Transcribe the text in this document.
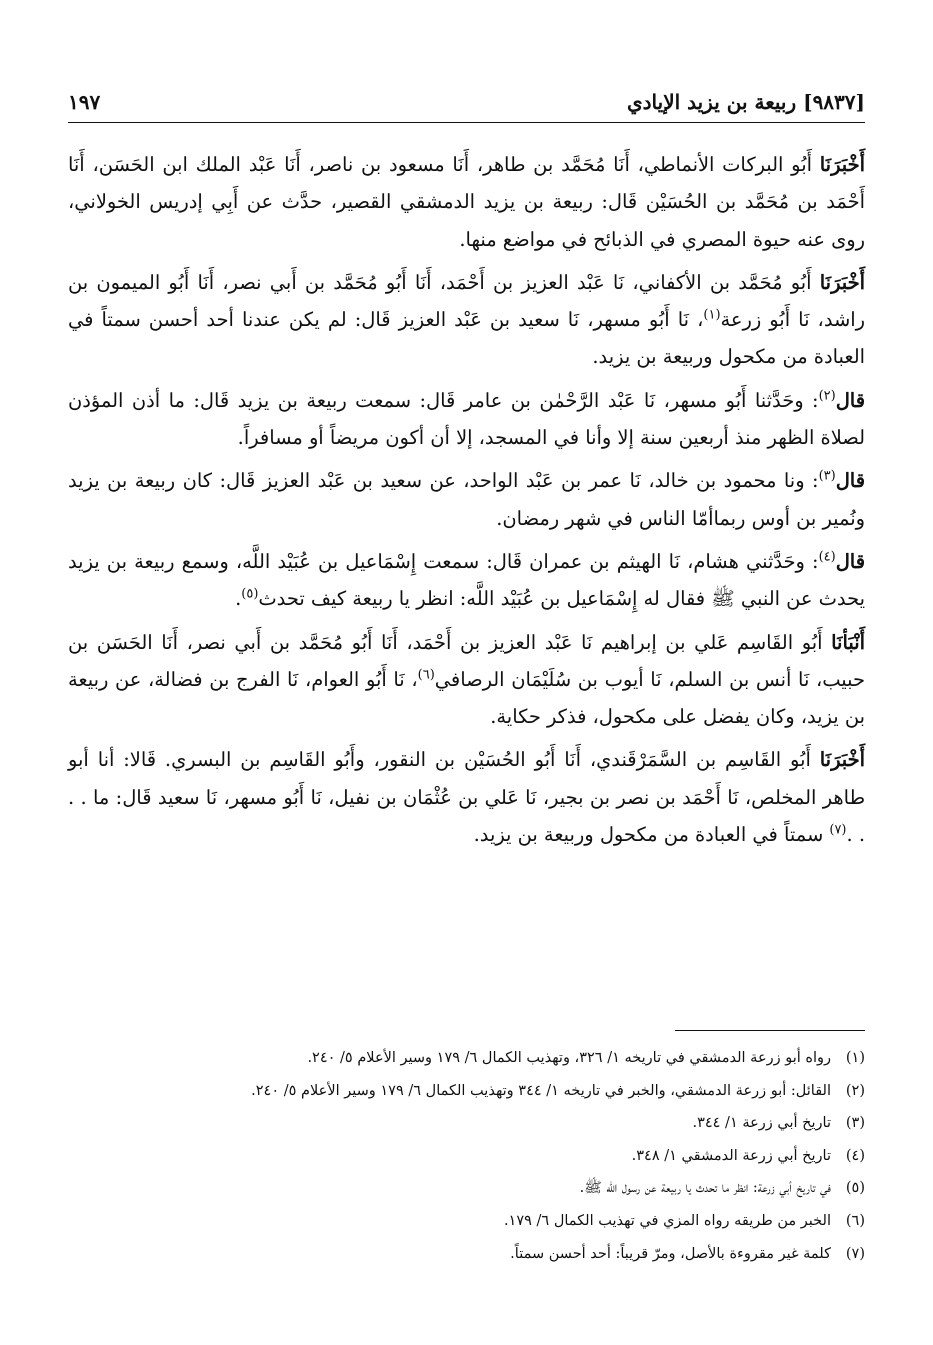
[٩٨٣٧] ربيعة بن يزيد الإيادي
١٩٧

أَخْبَرَنَا أَبُو البركات الأنماطي، أَنَا مُحَمَّد بن طاهر، أَنَا مسعود بن ناصر، أَنَا عَبْد الملك ابن الحَسَن، أَنَا أَحْمَد بن مُحَمَّد بن الحُسَيْن قَال: ربيعة بن يزيد الدمشقي القصير، حدَّث عن أَبِي إدريس الخولاني، روى عنه حيوة المصري في الذبائح في مواضع منها.

أَخْبَرَنَا أَبُو مُحَمَّد بن الأكفاني، نَا عَبْد العزيز بن أَحْمَد، أَنَا أَبُو مُحَمَّد بن أَبي نصر، أَنَا أَبُو الميمون بن راشد، نَا أَبُو زرعة$^{(١)}$، نَا أَبُو مسهر، نَا سعيد بن عَبْد العزيز قَال: لم يكن عندنا أحد أحسن سمتاً في العبادة من مكحول وربيعة بن يزيد.

قال$^{(٢)}$: وحَدَّثنا أَبُو مسهر، نَا عَبْد الرَّحْمٰن بن عامر قَال: سمعت ربيعة بن يزيد قَال: ما أذن المؤذن لصلاة الظهر منذ أربعين سنة إلا وأنا في المسجد، إلا أن أكون مريضاً أو مسافراً.

قال$^{(٣)}$: ونا محمود بن خالد، نَا عمر بن عَبْد الواحد، عن سعيد بن عَبْد العزيز قَال: كان ربيعة بن يزيد ونُمير بن أوس ربماأمّا الناس في شهر رمضان.

قال$^{(٤)}$: وحَدَّثني هشام، نَا الهيثم بن عمران قَال: سمعت إِسْمَاعيل بن عُبَيْد اللَّه، وسمع ربيعة بن يزيد يحدث عن النبي ﷺ فقال له إِسْمَاعيل بن عُبَيْد اللَّه: انظر يا ربيعة كيف تحدث$^{(٥)}$.

أَنْبَأنَا أَبُو القَاسِم عَلي بن إبراهيم نَا عَبْد العزيز بن أَحْمَد، أَنَا أَبُو مُحَمَّد بن أَبي نصر، أَنَا الحَسَن بن حبيب، نَا أنس بن السلم، نَا أيوب بن سُلَيْمَان الرصافي$^{(٦)}$، نَا أَبُو العوام، نَا الفرج بن فضالة، عن ربيعة بن يزيد، وكان يفضل على مكحول، فذكر حكاية.

أَخْبَرَنَا أَبُو القَاسِم بن السَّمَرْقَندي، أَنَا أَبُو الحُسَيْن بن النقور، وأَبُو القَاسِم بن البسري. قَالا: أنا أبو طاهر المخلص، نَا أَحْمَد بن نصر بن بجير، نَا عَلي بن عُثْمَان بن نفيل، نَا أَبُو مسهر، نَا سعيد قَال: ما . . . .$^{(٧)}$ سمتاً في العبادة من مكحول وربيعة بن يزيد.

(١)رواه أبو زرعة الدمشقي في تاريخه ١/ ٣٢٦، وتهذيب الكمال ٦/ ١٧٩ وسير الأعلام ٥/ ٢٤٠.
(٢)القائل: أبو زرعة الدمشقي، والخبر في تاريخه ١/ ٣٤٤ وتهذيب الكمال ٦/ ١٧٩ وسير الأعلام ٥/ ٢٤٠.
(٣)تاريخ أبي زرعة ١/ ٣٤٤.
(٤)تاريخ أبي زرعة الدمشقي ١/ ٣٤٨.
(٥)في تاريخ أبي زرعة: انظر ما تحدث يا ربيعة عن رسول الله ﷺ.
(٦)الخبر من طريقه رواه المزي في تهذيب الكمال ٦/ ١٧٩.
(٧)كلمة غير مقروءة بالأصل، ومرّ قريباً: أحد أحسن سمتاً.
